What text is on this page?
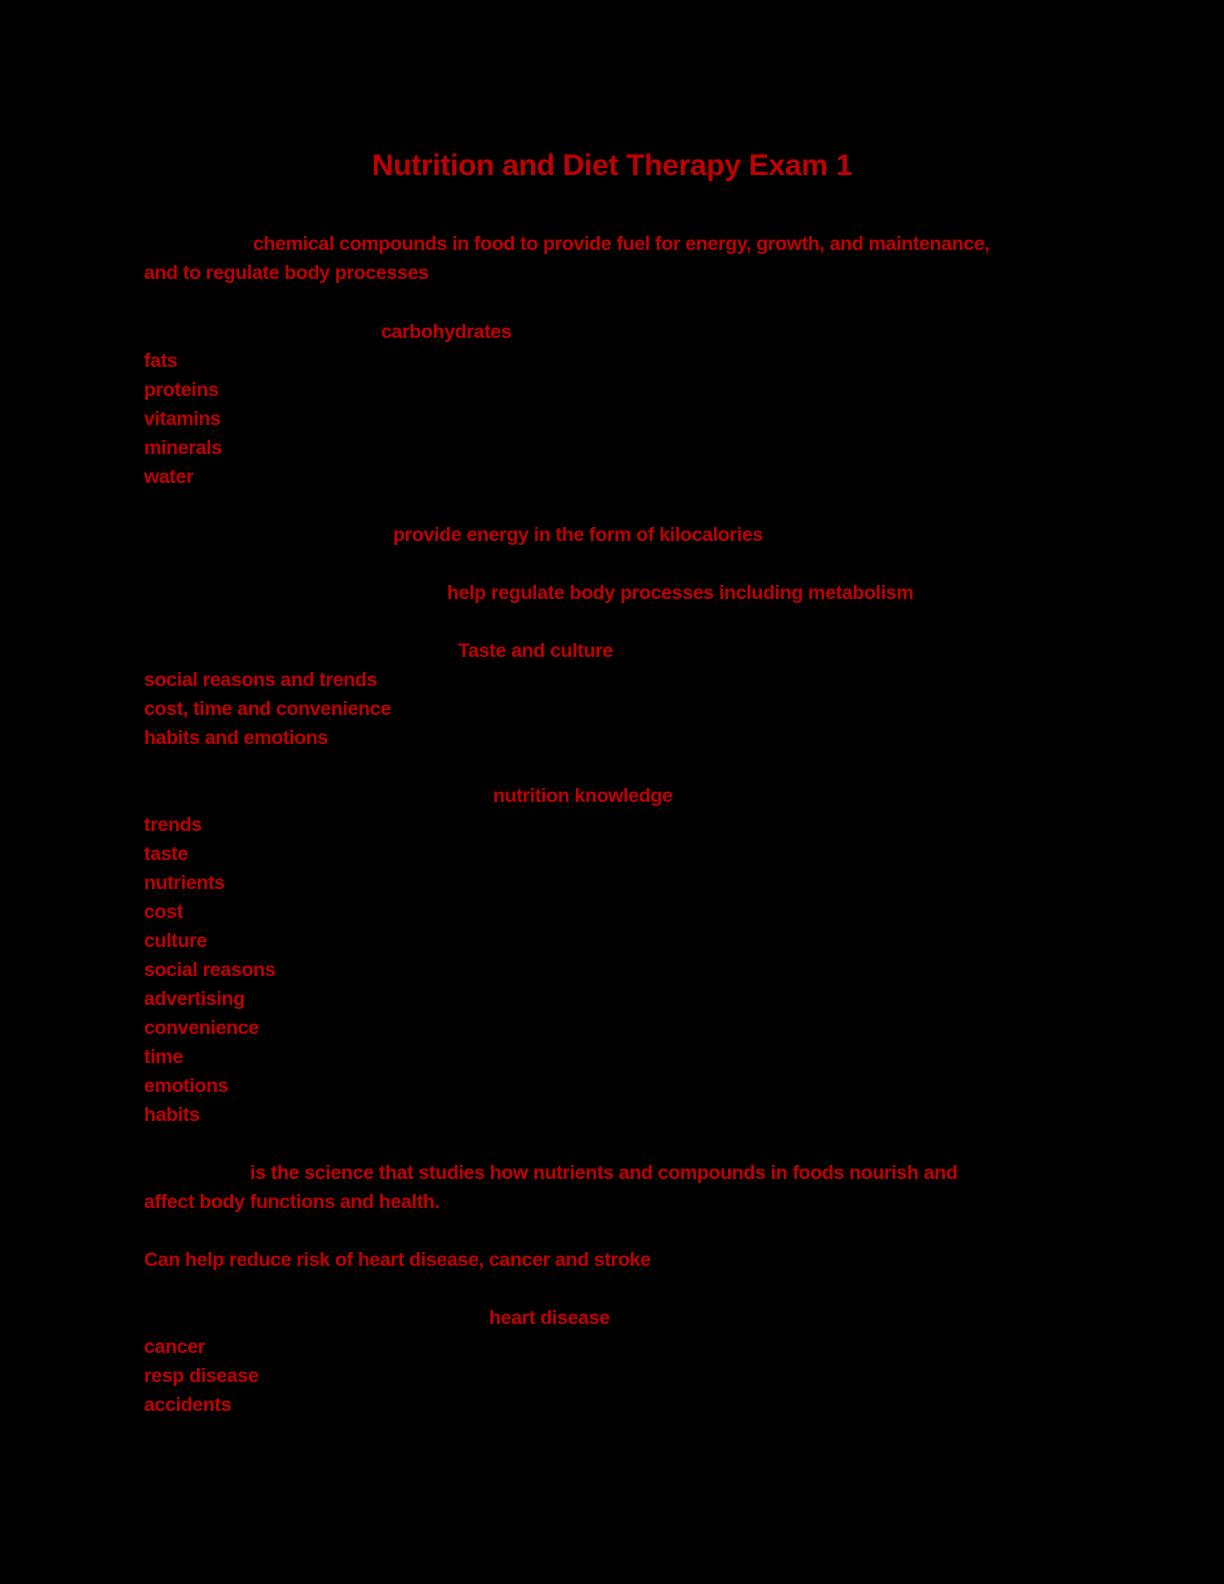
Nutrition and Diet Therapy Exam 1
chemical compounds in food to provide fuel for energy, growth, and maintenance,
and to regulate body processes
carbohydrates
fats
proteins
vitamins
minerals
water
provide energy in the form of kilocalories
help regulate body processes including metabolism
Taste and culture
social reasons and trends
cost, time and convenience
habits and emotions
nutrition knowledge
trends
taste
nutrients
cost
culture
social reasons
advertising
convenience
time
emotions
habits
is the science that studies how nutrients and compounds in foods nourish and
affect body functions and health.
Can help reduce risk of heart disease, cancer and stroke
heart disease
cancer
resp disease
accidents
